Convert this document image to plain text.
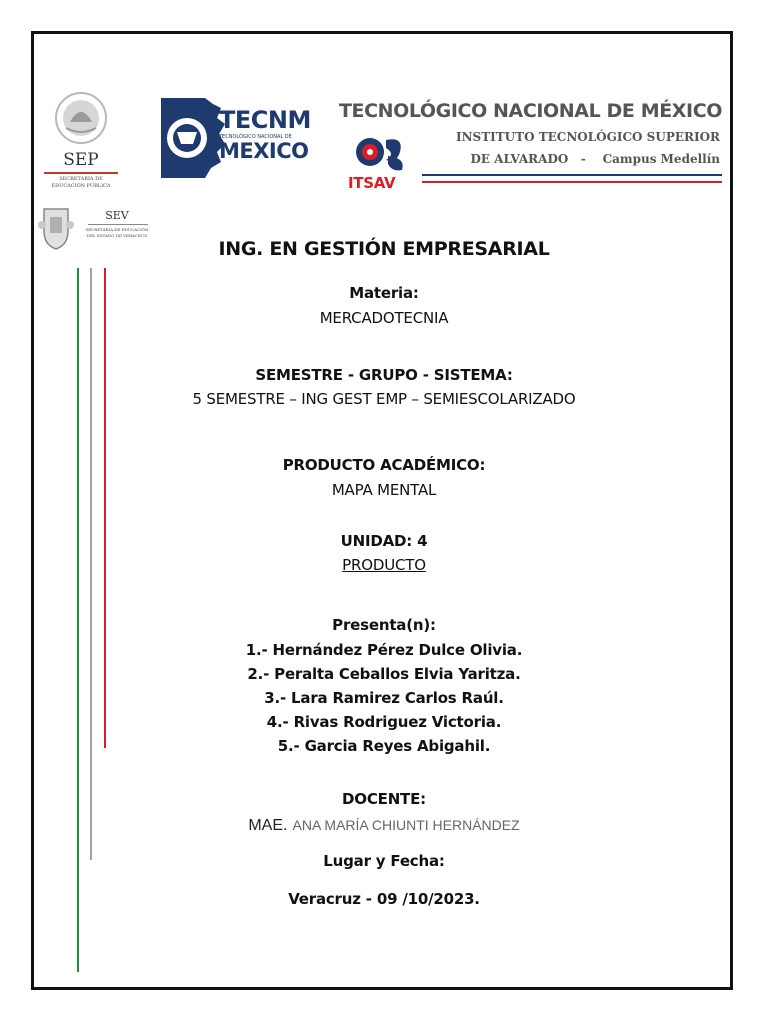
SEP
SECRETARÍA DE
EDUCACIÓN PÚBLICA
SEV
SECRETARÍA DE EDUCACIÓN
DEL ESTADO DE VERACRUZ
TECNM
TECNOLÓGICO NACIONAL DE
MEXICO
TECNOLÓGICO NACIONAL DE MÉXICO
INSTITUTO TECNOLÓGICO SUPERIOR
DE ALVARADO - Campus Medellín
ITSAV
ING. EN GESTIÓN EMPRESARIAL
Materia:
MERCADOTECNIA
SEMESTRE - GRUPO - SISTEMA:
5 SEMESTRE – ING GEST EMP – SEMIESCOLARIZADO
PRODUCTO ACADÉMICO:
MAPA MENTAL
UNIDAD: 4
PRODUCTO
Presenta(n):
1.- Hernández Pérez Dulce Olivia.
2.- Peralta Ceballos Elvia Yaritza.
3.- Lara Ramirez Carlos Raúl.
4.- Rivas Rodriguez Victoria.
5.- Garcia Reyes Abigahil.
DOCENTE:
MAE. ANA MARÍA CHIUNTI HERNÁNDEZ
Lugar y Fecha:
Veracruz - 09 /10/2023.
